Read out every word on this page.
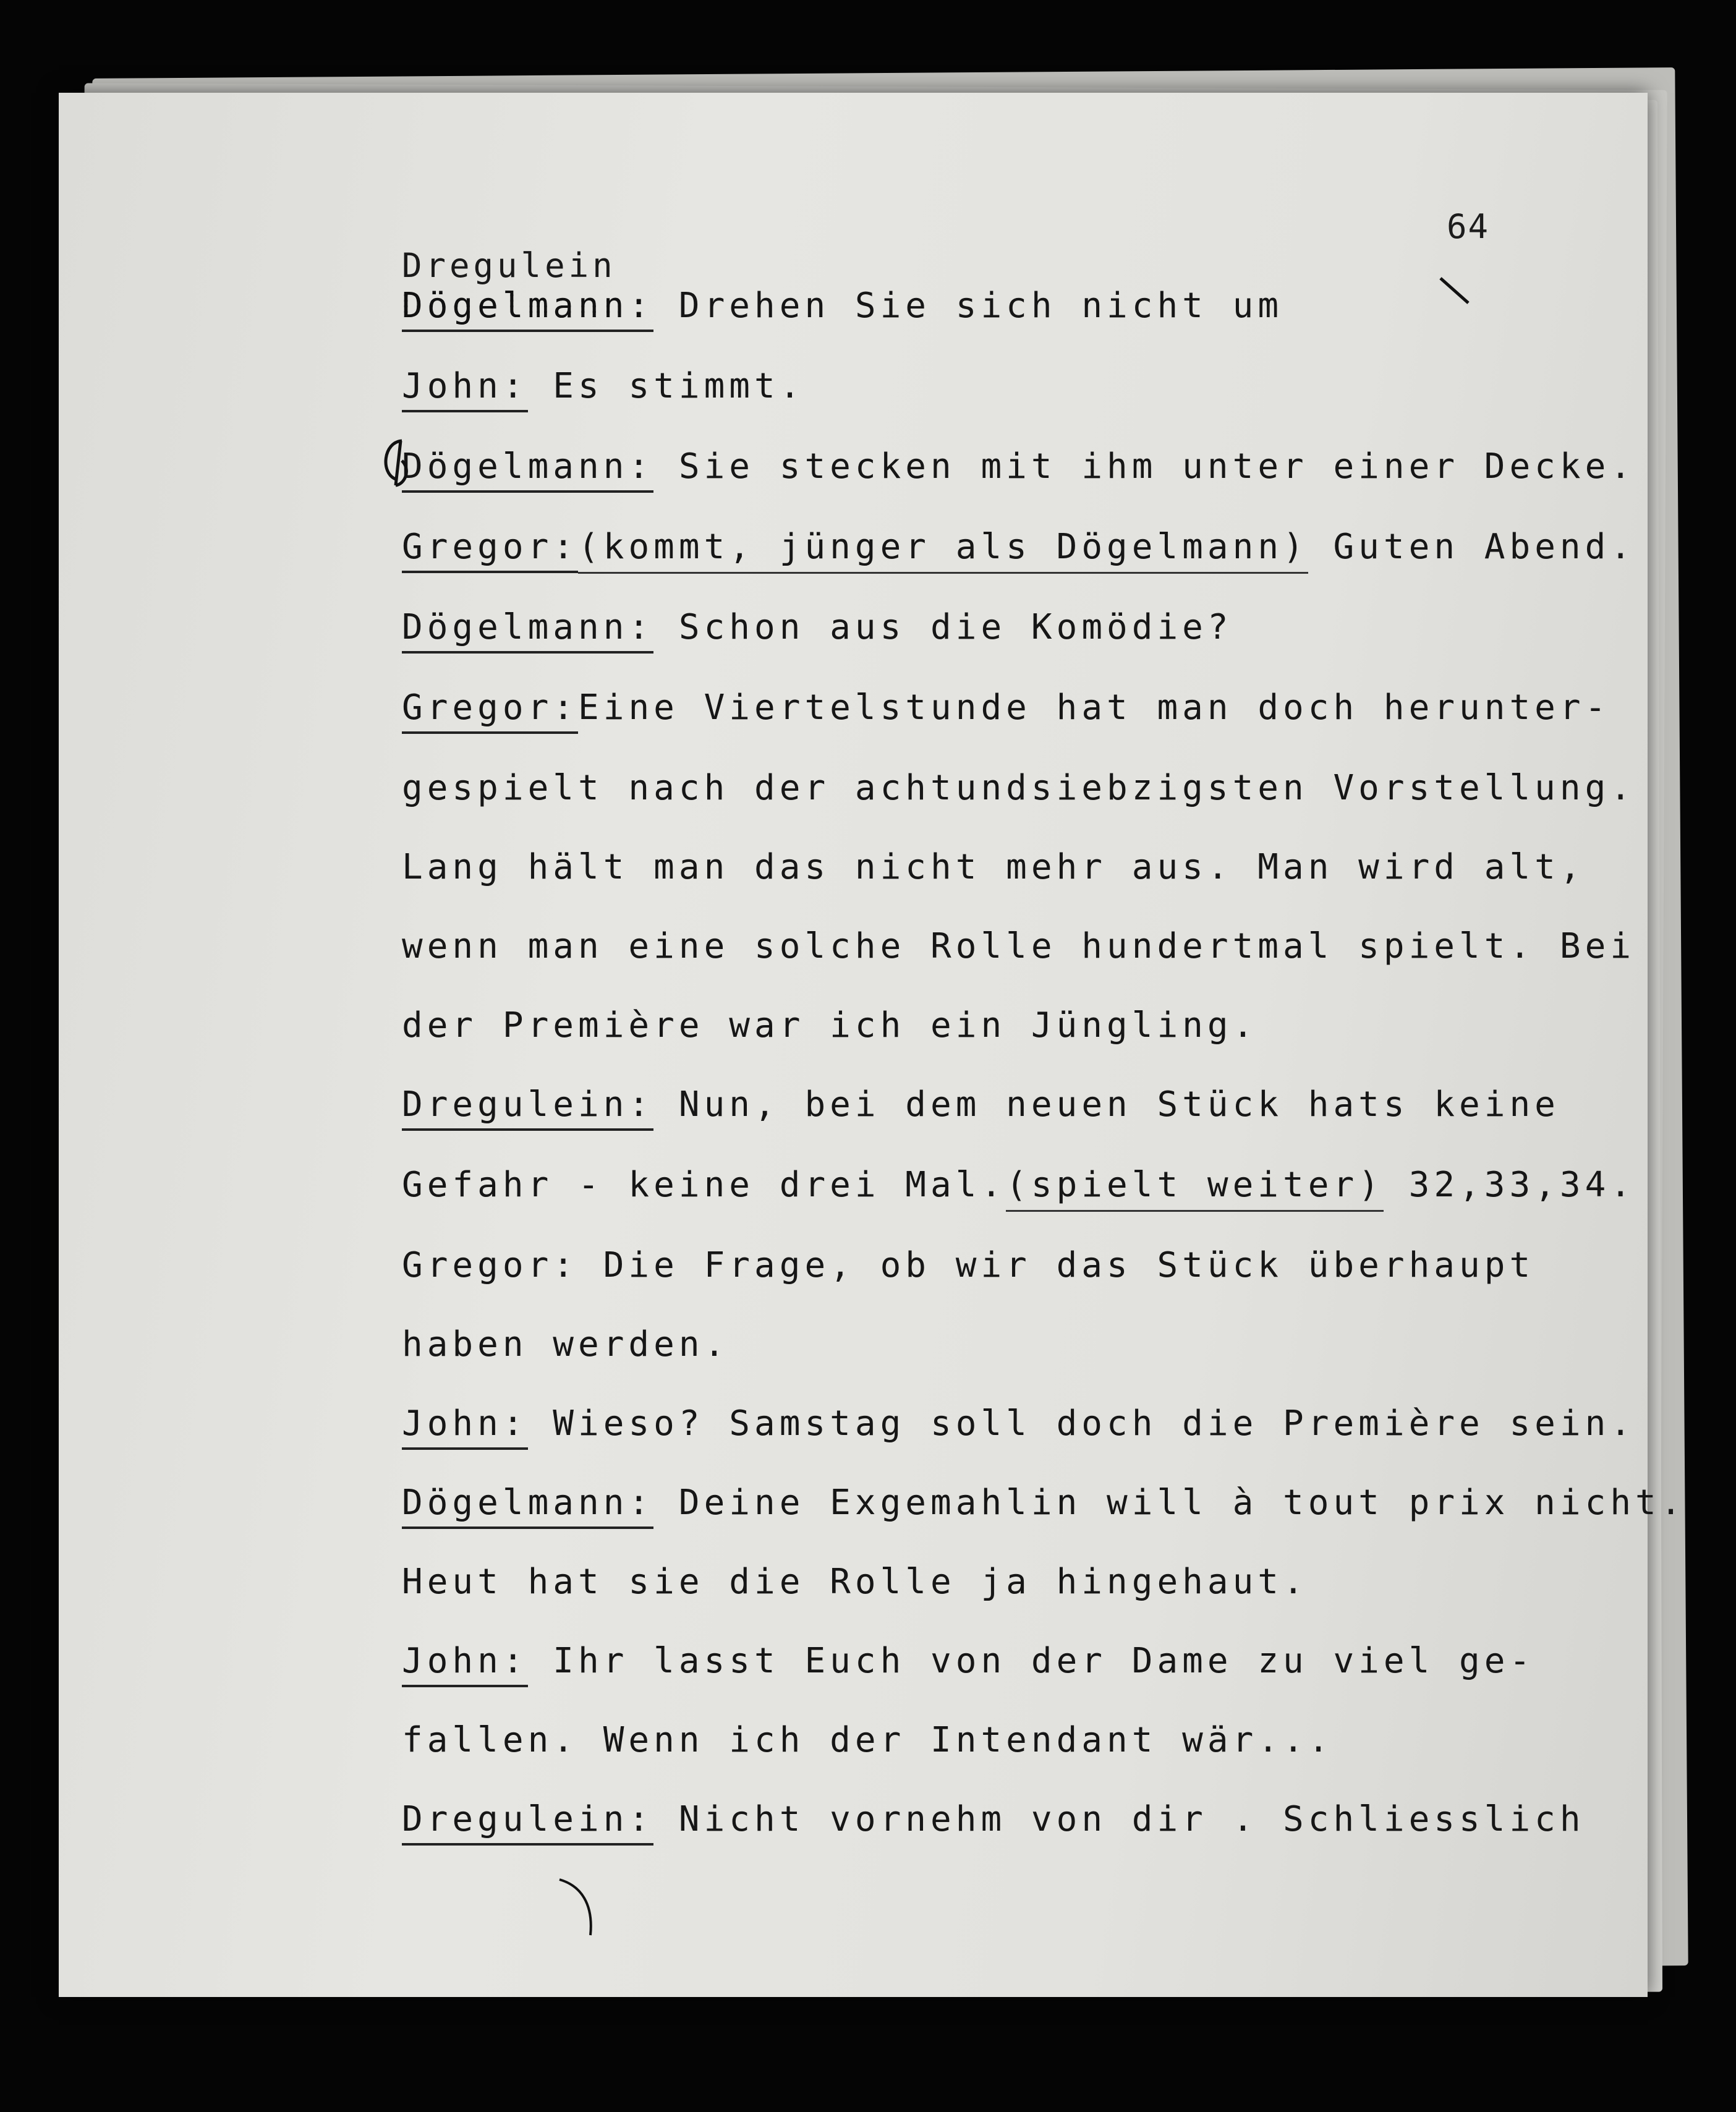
64
Dregulein
Dögelmann: Drehen Sie sich nicht um
John: Es stimmt.
Dögelmann: Sie stecken mit ihm unter einer Decke.
Gregor:(kommt, jünger als Dögelmann) Guten Abend.
Dögelmann: Schon aus die Komödie?
Gregor:Eine Viertelstunde hat man doch herunter-
gespielt nach der achtundsiebzigsten Vorstellung.
Lang hält man das nicht mehr aus. Man wird alt,
wenn man eine solche Rolle hundertmal spielt. Bei
der Première war ich ein Jüngling.
Dregulein: Nun, bei dem neuen Stück hats keine
Gefahr - keine drei Mal.(spielt weiter) 32,33,34.
Gregor: Die Frage, ob wir das Stück überhaupt
haben werden.
John: Wieso? Samstag soll doch die Première sein.
Dögelmann: Deine Exgemahlin will à tout prix nicht.
Heut hat sie die Rolle ja hingehaut.
John: Ihr lasst Euch von der Dame zu viel ge-
fallen. Wenn ich der Intendant wär...
Dregulein: Nicht vornehm von dir . Schliesslich
